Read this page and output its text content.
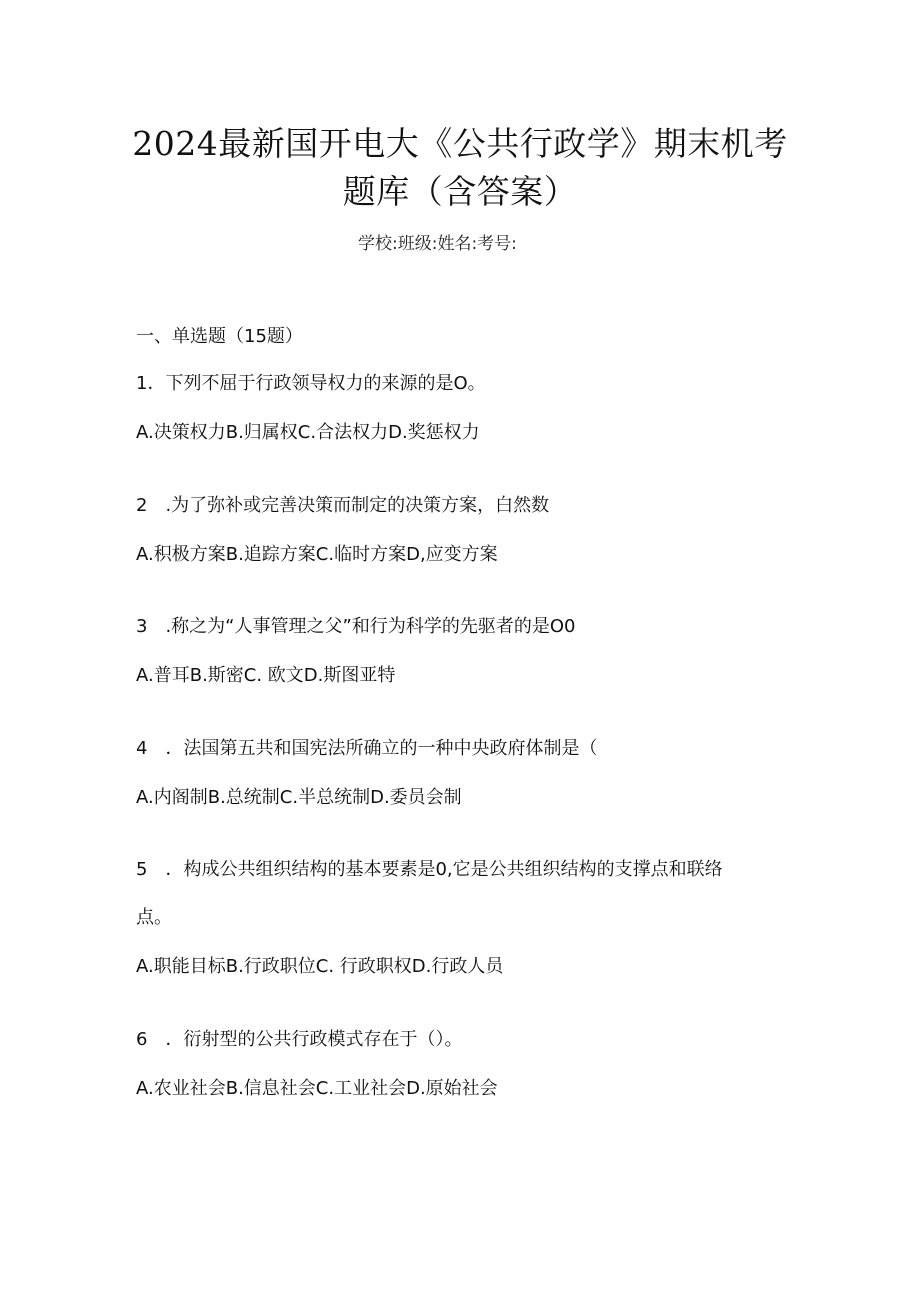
2024最新国开电大《公共行政学》期末机考
题库（含答案）
学校:班级:姓名:考号:
一、单选题（15题）
1．下列不屈于行政领导权力的来源的是O。
A.决策权力B.归属权C.合法权力D.奖惩权力
2　.为了弥补或完善决策而制定的决策方案，白然数
A.积极方案B.追踪方案C.临时方案D,应变方案
3　.称之为“人事管理之父”和行为科学的先驱者的是O0
A.普耳B.斯密C. 欧文D.斯图亚特
4　．法国第五共和国宪法所确立的一种中央政府体制是（
A.内阁制B.总统制C.半总统制D.委员会制
5　．构成公共组织结构的基本要素是0,它是公共组织结构的支撑点和联络
点。
A.职能目标B.行政职位C. 行政职权D.行政人员
6　．衍射型的公共行政模式存在于（）。
A.农业社会B.信息社会C.工业社会D.原始社会
